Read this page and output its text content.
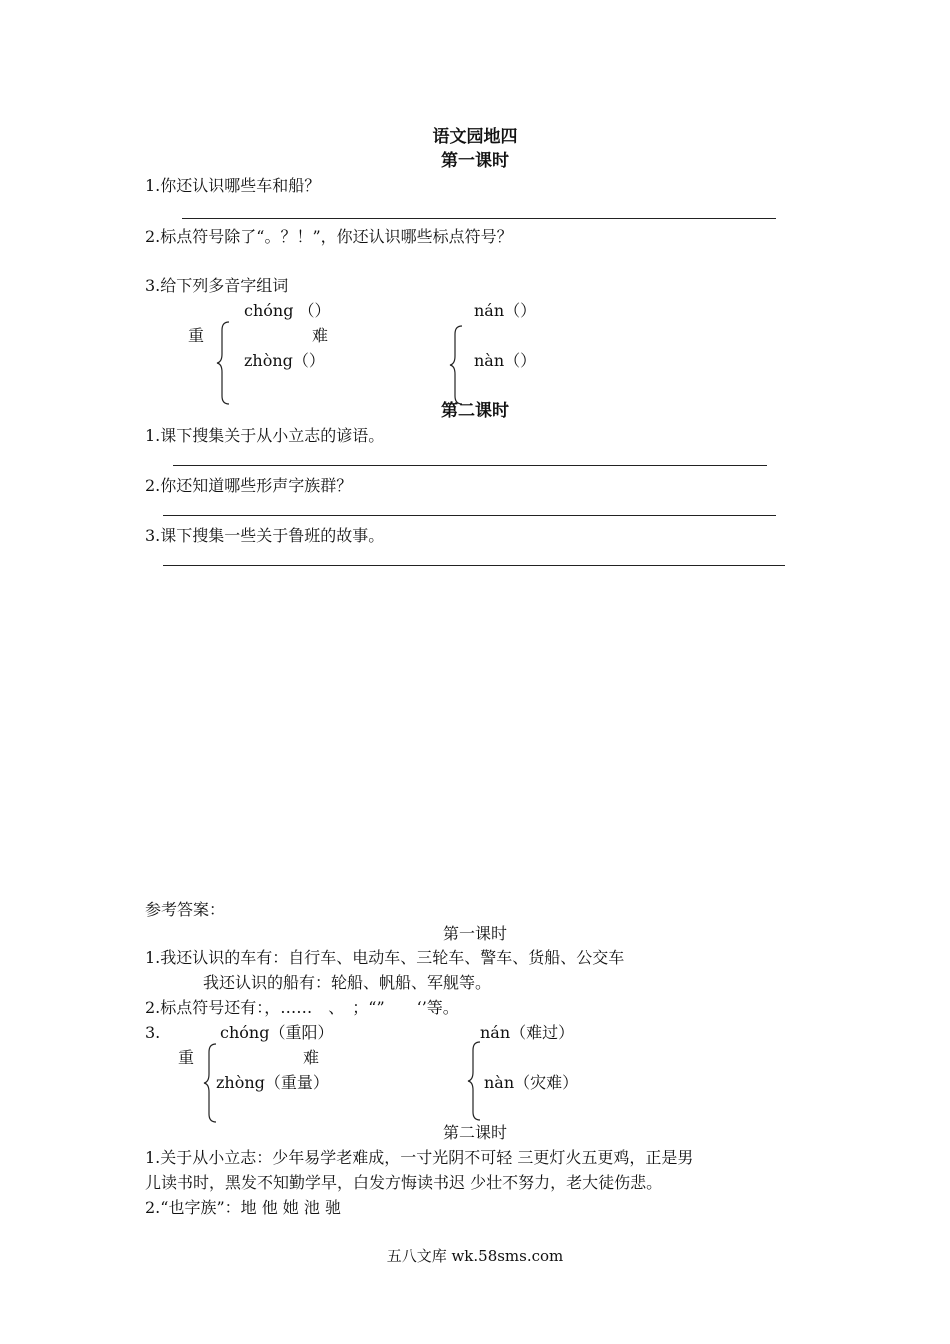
语文园地四
第一课时
1.你还认识哪些车和船？
2.标点符号除了“。？！”，你还认识哪些标点符号？
3.给下列多音字组词
chóng （）
重
zhòng（）
难
nán（）
nàn（）
第二课时
1.课下搜集关于从小立志的谚语。
2.你还知道哪些形声字族群？
3.课下搜集一些关于鲁班的故事。
参考答案：
第一课时
1.我还认识的车有：自行车、电动车、三轮车、警车、货船、公交车
我还认识的船有：轮船、帆船、军舰等。
2.标点符号还有：，……　、　；“”　　‘’等。
3.	chóng（重阳）
重
zhòng（重量）
难
nán（难过）
nàn（灾难）
第二课时
1.关于从小立志：少年易学老难成，一寸光阴不可轻 三更灯火五更鸡，正是男
儿读书时，黑发不知勤学早，白发方悔读书迟 少壮不努力，老大徒伤悲。
2.“也字族”：地 他 她 池 驰
五八文库 wk.58sms.com
